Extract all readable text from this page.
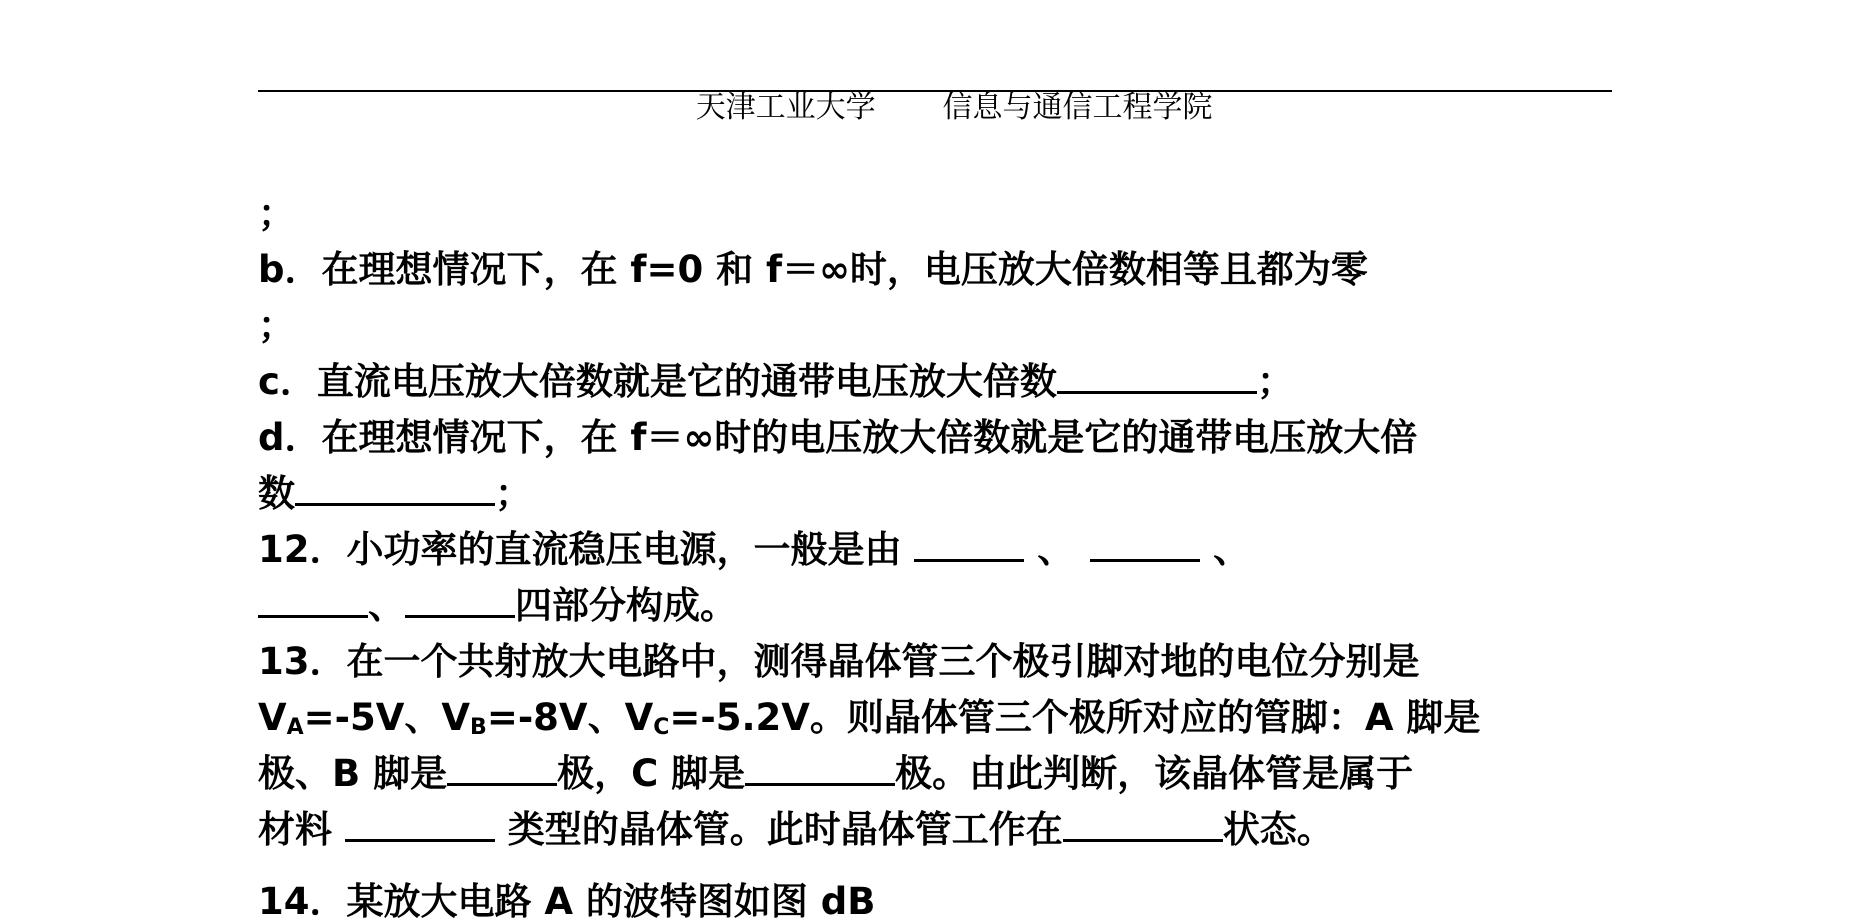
天津工业大学       信息与通信工程学院

；
b．在理想情况下，在 f=0 和 f＝∞时，电压放大倍数相等且都为零
；
c．直流电压放大倍数就是它的通带电压放大倍数	；
d．在理想情况下，在 f＝∞时的电压放大倍数就是它的通带电压放大倍
数	；
12．小功率的直流稳压电源，一般是由	、	、
、	四部分构成。
13．在一个共射放大电路中，测得晶体管三个极引脚对地的电位分别是
$V_A=-5V$、$V_B=-8V$、$V_C=-5.2V$。则晶体管三个极所对应的管脚：A 脚是
极、B 脚是	极，C 脚是	极。由此判断，该晶体管是属于
材料	类型的晶体管。此时晶体管工作在	状态。
14．某放大电路 A 的波特图如图 dB
